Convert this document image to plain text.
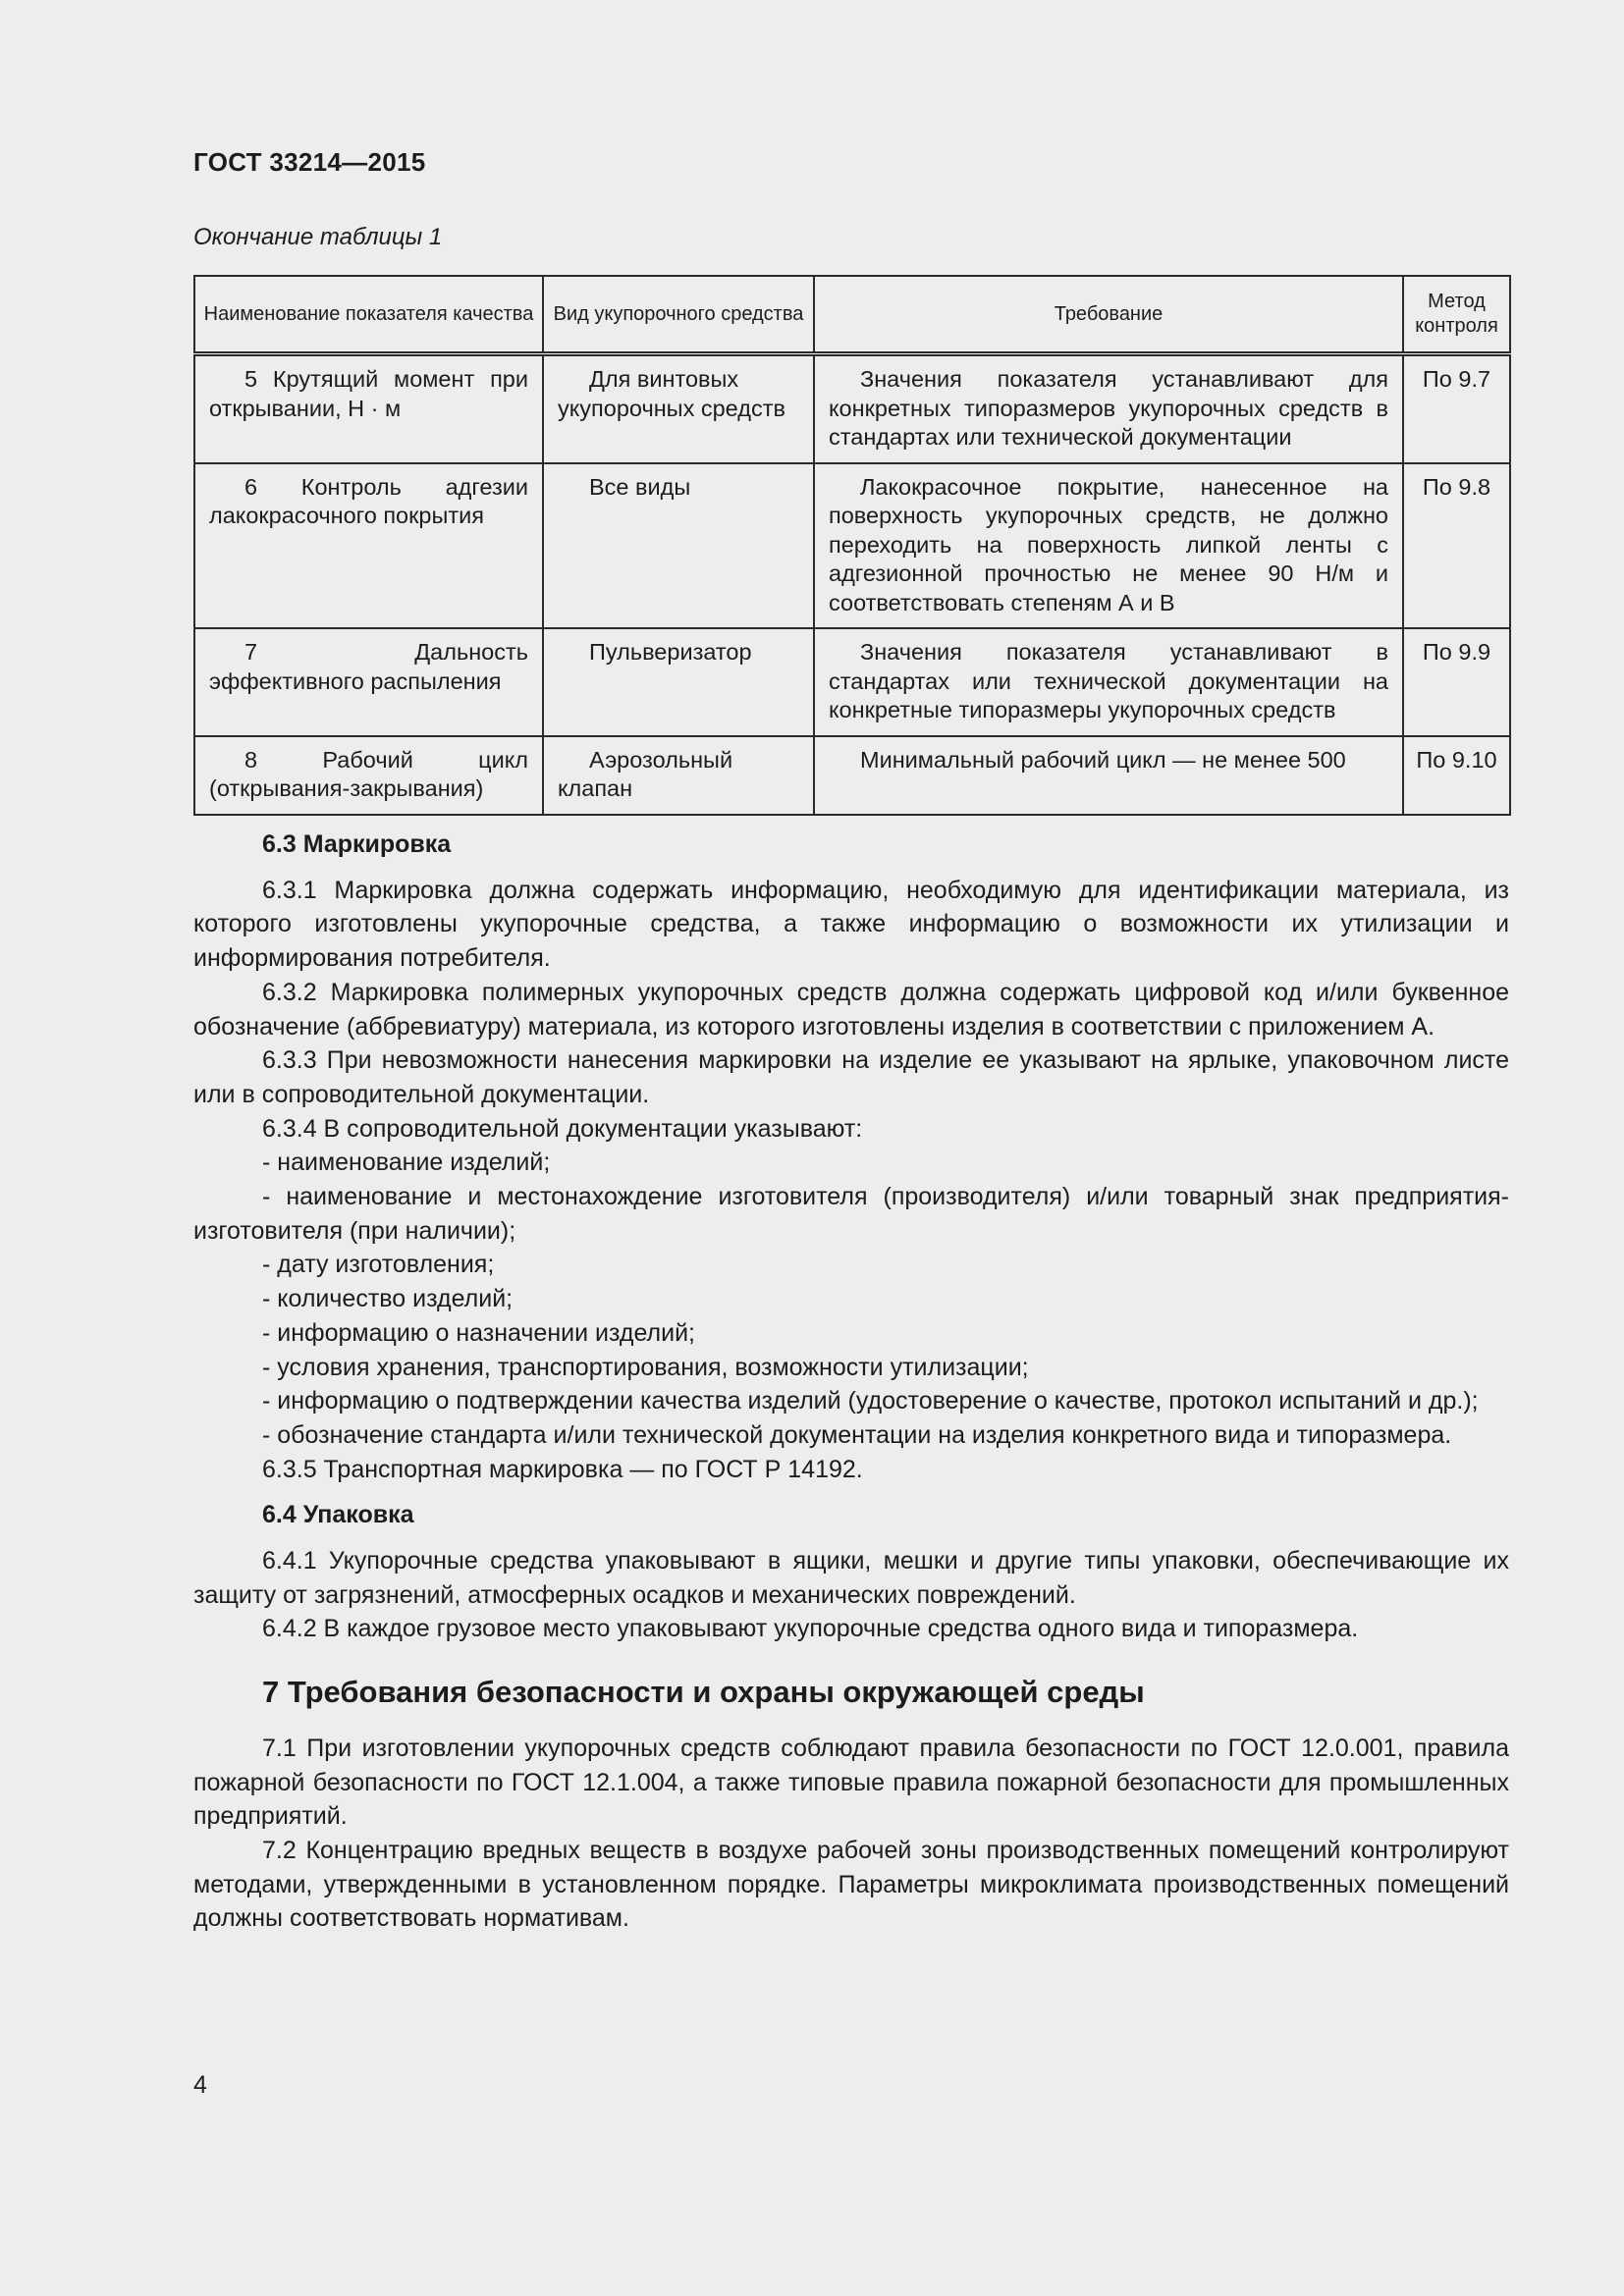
ГОСТ 33214—2015
Окончание таблицы 1
Наименование показателя качества	Вид укупорочного средства	Требование	Метод контроля

5 Крутящий момент при открывании, Н · м	Для винтовых укупорочных средств	Значения показателя устанавливают для конкретных типоразмеров укупорочных средств в стандартах или технической документации	По 9.7

6 Контроль адгезии лакокрасочного покрытия	Все виды	Лакокрасочное покрытие, нанесенное на поверхность укупорочных средств, не должно переходить на поверхность липкой ленты с адгезионной прочностью не менее 90 Н/м и соответствовать степеням А и В	По 9.8

7 Дальность эффективного распыления	Пульверизатор	Значения показателя устанавливают в стандартах или технической документации на конкретные типоразмеры укупорочных средств	По 9.9

8 Рабочий цикл (открывания-закрывания)	Аэрозольный клапан	Минимальный рабочий цикл — не менее 500	По 9.10
6.3 Маркировка

6.3.1 Маркировка должна содержать информацию, необходимую для идентификации материала, из которого изготовлены укупорочные средства, а также информацию о возможности их утилизации и информирования потребителя.

6.3.2 Маркировка полимерных укупорочных средств должна содержать цифровой код и/или буквенное обозначение (аббревиатуру) материала, из которого изготовлены изделия в соответствии с приложением А.

6.3.3 При невозможности нанесения маркировки на изделие ее указывают на ярлыке, упаковочном листе или в сопроводительной документации.

6.3.4 В сопроводительной документации указывают:

- наименование изделий;

- наименование и местонахождение изготовителя (производителя) и/или товарный знак предприятия-изготовителя (при наличии);

- дату изготовления;

- количество изделий;

- информацию о назначении изделий;

- условия хранения, транспортирования, возможности утилизации;

- информацию о подтверждении качества изделий (удостоверение о качестве, протокол испытаний и др.);

- обозначение стандарта и/или технической документации на изделия конкретного вида и типоразмера.

6.3.5 Транспортная маркировка — по ГОСТ Р 14192.

6.4 Упаковка

6.4.1 Укупорочные средства упаковывают в ящики, мешки и другие типы упаковки, обеспечивающие их защиту от загрязнений, атмосферных осадков и механических повреждений.

6.4.2 В каждое грузовое место упаковывают укупорочные средства одного вида и типоразмера.

7 Требования безопасности и охраны окружающей среды

7.1 При изготовлении укупорочных средств соблюдают правила безопасности по ГОСТ 12.0.001, правила пожарной безопасности по ГОСТ 12.1.004, а также типовые правила пожарной безопасности для промышленных предприятий.

7.2 Концентрацию вредных веществ в воздухе рабочей зоны производственных помещений контролируют методами, утвержденными в установленном порядке. Параметры микроклимата производственных помещений должны соответствовать нормативам.

4
